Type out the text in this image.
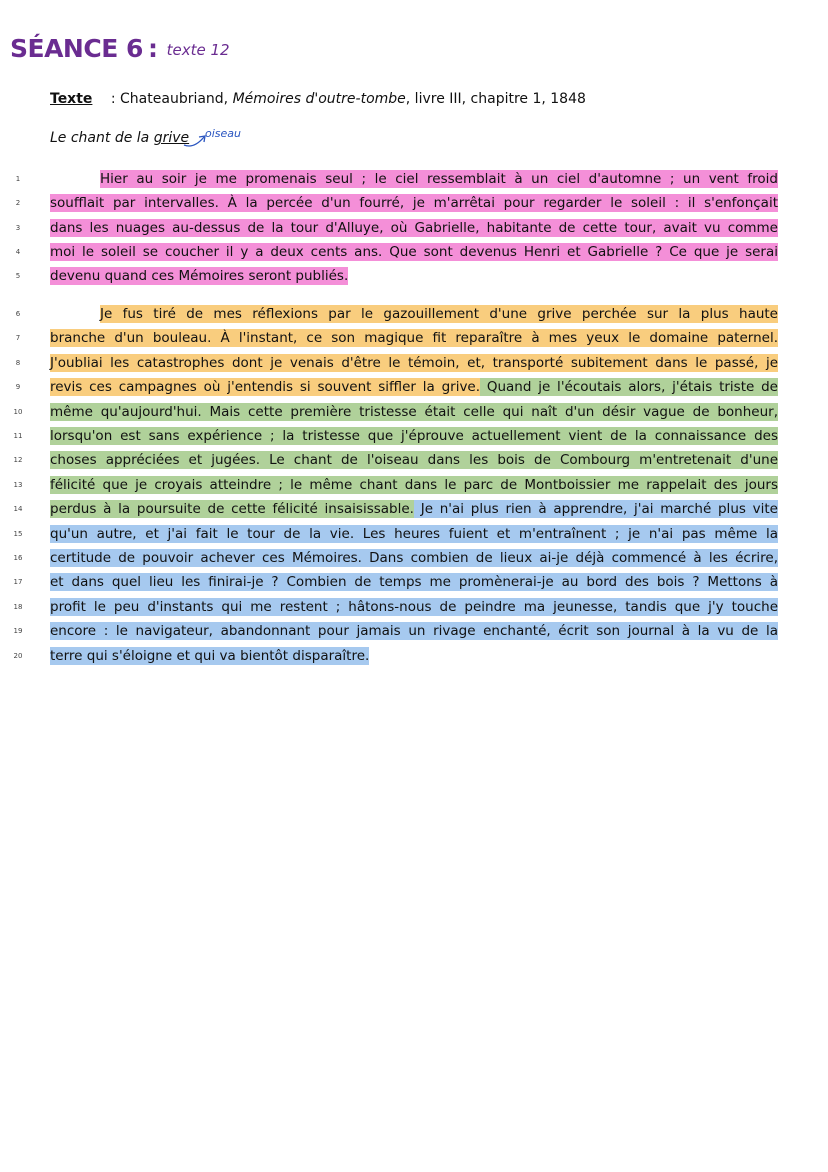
SÉANCE 6 : texte 12
Texte : Chateaubriand, Mémoires d'outre-tombe, livre III, chapitre 1, 1848
Le chant de la grive oiseau
Hier au soir je me promenais seul ; le ciel ressemblait à un ciel d'automne ; un vent froid
1
soufflait par intervalles. À la percée d'un fourré, je m'arrêtai pour regarder le soleil : il s'enfonçait
2
dans les nuages au-dessus de la tour d'Alluye, où Gabrielle, habitante de cette tour, avait vu comme
3
moi le soleil se coucher il y a deux cents ans. Que sont devenus Henri et Gabrielle ? Ce que je serai
4
devenu quand ces Mémoires seront publiés.
5
Je fus tiré de mes réflexions par le gazouillement d'une grive perchée sur la plus haute
6
branche d'un bouleau. À l'instant, ce son magique fit reparaître à mes yeux le domaine paternel.
7
J'oubliai les catastrophes dont je venais d'être le témoin, et, transporté subitement dans le passé, je
8
revis ces campagnes où j'entendis si souvent siffler la grive. Quand je l'écoutais alors, j'étais triste de
9
même qu'aujourd'hui. Mais cette première tristesse était celle qui naît d'un désir vague de bonheur,
10
lorsqu'on est sans expérience ; la tristesse que j'éprouve actuellement vient de la connaissance des
11
choses appréciées et jugées. Le chant de l'oiseau dans les bois de Combourg m'entretenait d'une
12
félicité que je croyais atteindre ; le même chant dans le parc de Montboissier me rappelait des jours
13
perdus à la poursuite de cette félicité insaisissable. Je n'ai plus rien à apprendre, j'ai marché plus vite
14
qu'un autre, et j'ai fait le tour de la vie. Les heures fuient et m'entraînent ; je n'ai pas même la
15
certitude de pouvoir achever ces Mémoires. Dans combien de lieux ai-je déjà commencé à les écrire,
16
et dans quel lieu les finirai-je ? Combien de temps me promènerai-je au bord des bois ? Mettons à
17
profit le peu d'instants qui me restent ; hâtons-nous de peindre ma jeunesse, tandis que j'y touche
18
encore : le navigateur, abandonnant pour jamais un rivage enchanté, écrit son journal à la vu de la
19
terre qui s'éloigne et qui va bientôt disparaître.
20
